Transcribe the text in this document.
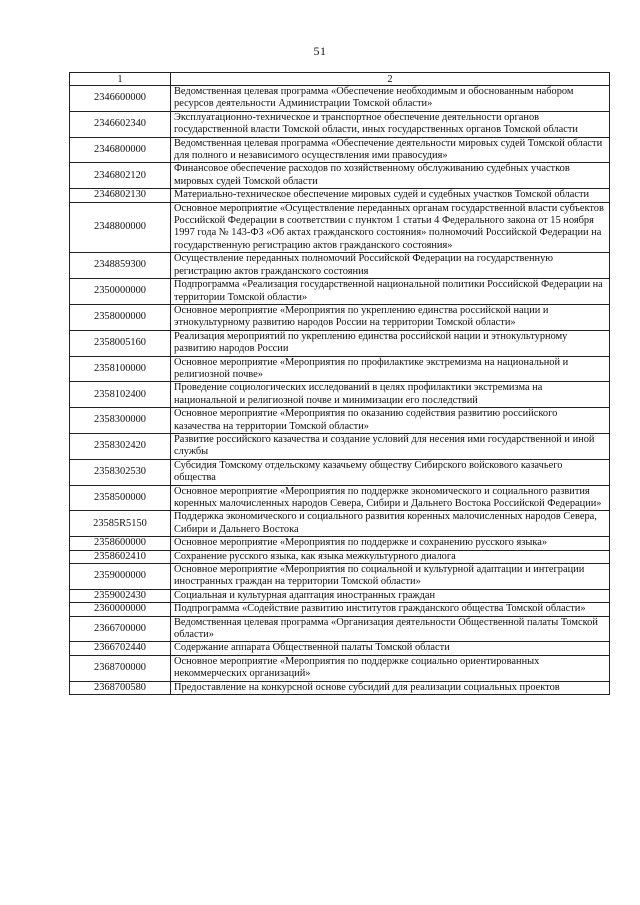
51
1	2
2346600000	Ведомственная целевая программа «Обеспечение необходимым и обоснованным набором ресурсов деятельности Администрации Томской области»
2346602340	Эксплуатационно-техническое и транспортное обеспечение деятельности органов государственной власти Томской области, иных государственных органов Томской области
2346800000	Ведомственная целевая программа «Обеспечение деятельности мировых судей Томской области для полного и независимого осуществления ими правосудия»
2346802120	Финансовое обеспечение расходов по хозяйственному обслуживанию судебных участков мировых судей Томской области
2346802130	Материально-техническое обеспечение мировых судей и судебных участков Томской области
2348800000	Основное мероприятие «Осуществление переданных органам государственной власти субъектов Российской Федерации в соответствии с пунктом 1 статьи 4 Федерального закона от 15 ноября 1997 года № 143-ФЗ «Об актах гражданского состояния» полномочий Российской Федерации на государственную регистрацию актов гражданского состояния»
2348859300	Осуществление переданных полномочий Российской Федерации на государственную регистрацию актов гражданского состояния
2350000000	Подпрограмма «Реализация государственной национальной политики Российской Федерации на территории Томской области»
2358000000	Основное мероприятие «Мероприятия по укреплению единства российской нации и этнокультурному развитию народов России на территории Томской области»
2358005160	Реализация мероприятий по укреплению единства российской нации и этнокультурному развитию народов России
2358100000	Основное мероприятие «Мероприятия по профилактике экстремизма на национальной и религиозной почве»
2358102400	Проведение социологических исследований в целях профилактики экстремизма на национальной и религиозной почве и минимизации его последствий
2358300000	Основное мероприятие «Мероприятия по оказанию содействия развитию российского казачества на территории Томской области»
2358302420	Развитие российского казачества и создание условий для несения ими государственной и иной службы
2358302530	Субсидия Томскому отдельскому казачьему обществу Сибирского войскового казачьего общества
2358500000	Основное мероприятие «Мероприятия по поддержке экономического и социального развития коренных малочисленных народов Севера, Сибири и Дальнего Востока Российской Федерации»
23585R5150	Поддержка экономического и социального развития коренных малочисленных народов Севера, Сибири и Дальнего Востока
2358600000	Основное мероприятие «Мероприятия по поддержке и сохранению русского языка»
2358602410	Сохранение русского языка, как языка межкультурного диалога
2359000000	Основное мероприятие «Мероприятия по социальной и культурной адаптации и интеграции иностранных граждан на территории Томской области»
2359002430	Социальная и культурная адаптация иностранных граждан
2360000000	Подпрограмма «Содействие развитию институтов гражданского общества Томской области»
2366700000	Ведомственная целевая программа «Организация деятельности Общественной палаты Томской области»
2366702440	Содержание аппарата Общественной палаты Томской области
2368700000	Основное мероприятие «Мероприятия по поддержке социально ориентированных некоммерческих организаций»
2368700580	Предоставление на конкурсной основе субсидий для реализации социальных проектов
